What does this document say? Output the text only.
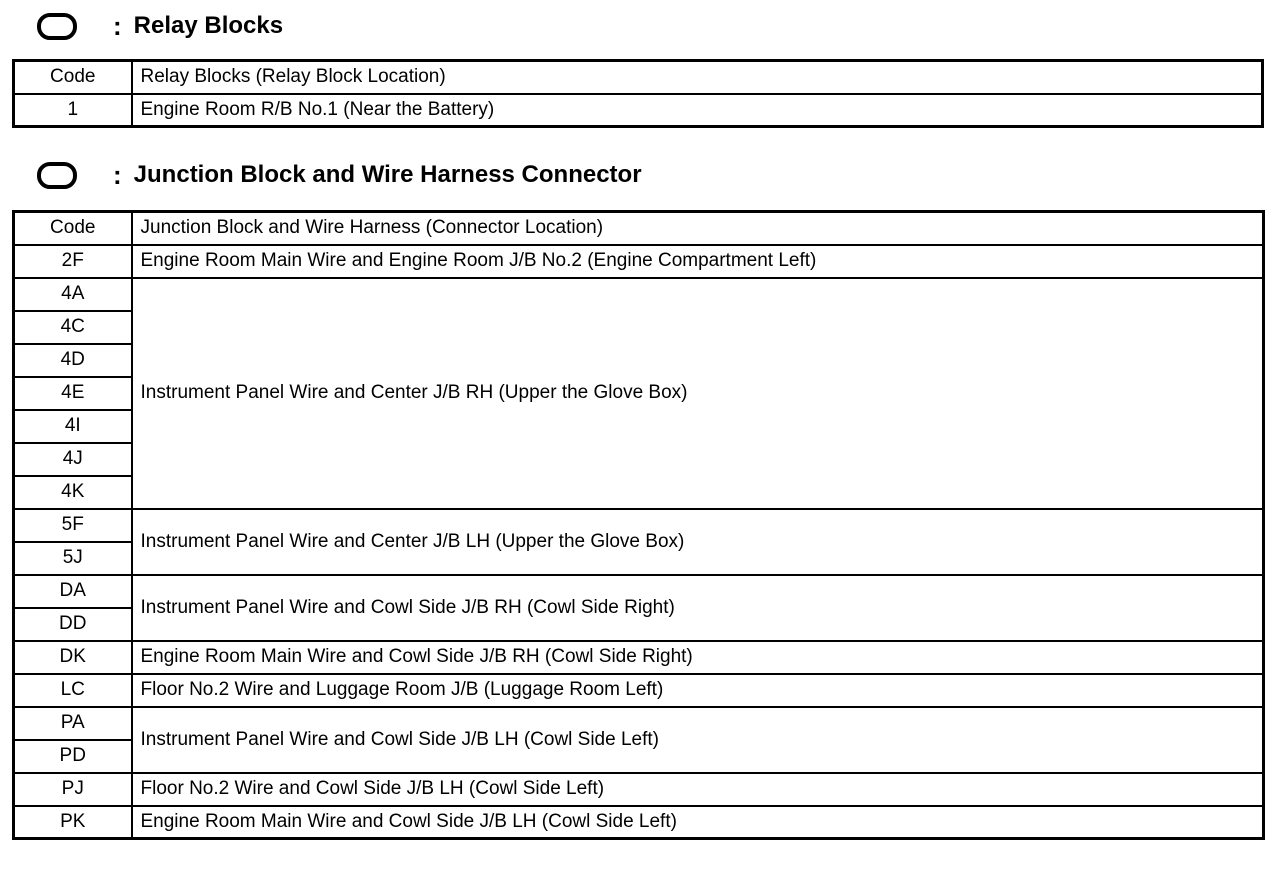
: Relay Blocks
Code	Relay Blocks (Relay Block Location)
1	Engine Room R/B No.1 (Near the Battery)
: Junction Block and Wire Harness Connector
Code	Junction Block and Wire Harness (Connector Location)
2F	Engine Room Main Wire and Engine Room J/B No.2 (Engine Compartment Left)
4A	Instrument Panel Wire and Center J/B RH (Upper the Glove Box)
4C	
4D	
4E	
4I	
4J	
4K	
5F	Instrument Panel Wire and Center J/B LH (Upper the Glove Box)
5J	
DA	Instrument Panel Wire and Cowl Side J/B RH (Cowl Side Right)
DD	
DK	Engine Room Main Wire and Cowl Side J/B RH (Cowl Side Right)
LC	Floor No.2 Wire and Luggage Room J/B (Luggage Room Left)
PA	Instrument Panel Wire and Cowl Side J/B LH (Cowl Side Left)
PD	
PJ	Floor No.2 Wire and Cowl Side J/B LH (Cowl Side Left)
PK	Engine Room Main Wire and Cowl Side J/B LH (Cowl Side Left)
